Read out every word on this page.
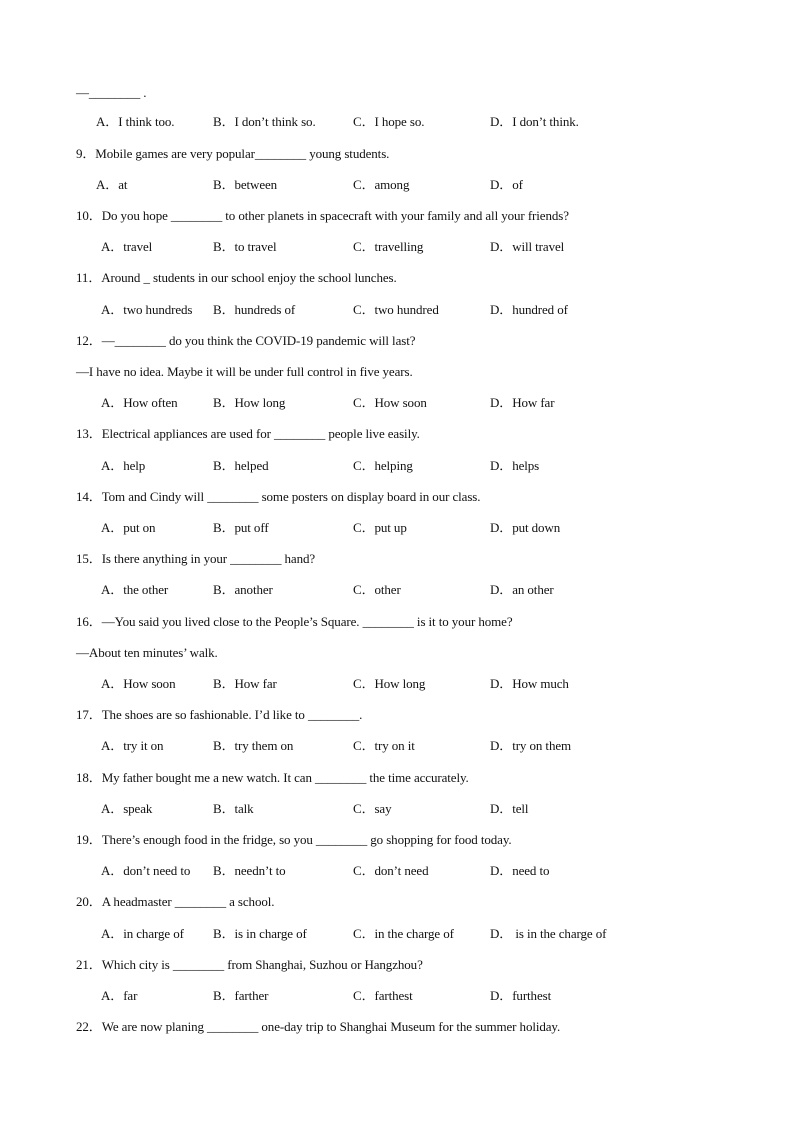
—________ .
A．I think too.	B．I don’t think so.	C．I hope so.	D．I don’t think.
9．Mobile games are very popular________ young students.
A．at	B．between	C．among	D．of
10．Do you hope ________ to other planets in spacecraft with your family and all your friends?
A．travel	B．to travel	C．travelling	D．will travel
11．Around _ students in our school enjoy the school lunches.
A．two hundreds B．hundreds of	C．two hundred	D．hundred of
12．—________ do you think the COVID-19 pandemic will last?
—I have no idea. Maybe it will be under full control in five years.
A．How often	B．How long	C．How soon	D．How far
13．Electrical appliances are used for ________ people live easily.
A．help	B．helped	C．helping	D．helps
14．Tom and Cindy will ________ some posters on display board in our class.
A．put on	B．put off	C．put up	D．put down
15．Is there anything in your ________ hand?
A．the other	B．another	C．other	D．an other
16．—You said you lived close to the People’s Square. ________ is it to your home?
—About ten minutes’ walk.
A．How soon	B．How far	C．How long	D．How much
17．The shoes are so fashionable. I’d like to ________.
A．try it on	B．try them on	C．try on it	D．try on them
18．My father bought me a new watch. It can ________ the time accurately.
A．speak	B．talk	C．say	D．tell
19．There’s enough food in the fridge, so you ________ go shopping for food today.
A．don’t need to B．needn’t to	C．don’t need	D．need to
20．A headmaster ________ a school.
A．in charge of B．is in charge of	C．in the charge of	D． is in the charge of
21．Which city is ________ from Shanghai, Suzhou or Hangzhou?
A．far	B．farther	C．farthest	D．furthest
22．We are now planing ________ one-day trip to Shanghai Museum for the summer holiday.
